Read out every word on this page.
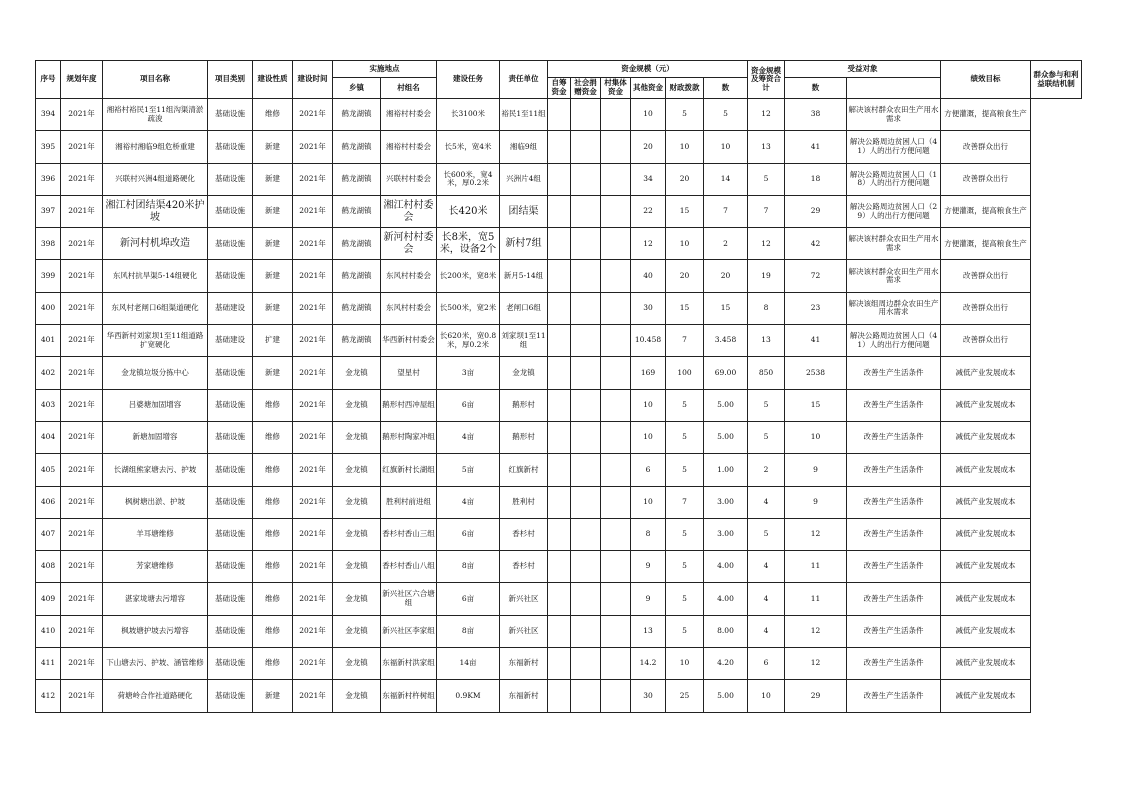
序号	规划年度	项目名称	项目类别	建设性质	建设时间	实施地点		建设任务	责任单位	资金规模（元）						资金规模及筹资合计	受益对象		绩效目标	群众参与和利益联结机制
						乡镇	村组名			自筹资金	社会捐赠资金	村集体资金	其他资金	财政拨款	数		数			
394	2021年	湘裕村裕民1至11组沟渠清淤疏浚	基础设施	维修	2021年	鹤龙湖镇	湘裕村村委会	长3100米	裕民1至11组				10	5	5	12	38	解决该村群众农田生产用水需求	方便灌溉，提高粮食生产	
395	2021年	湘裕村湘临9组危桥重建	基础设施	新建	2021年	鹤龙湖镇	湘裕村村委会	长5米，宽4米	湘临9组				20	10	10	13	41	解决公路周边贫困人口（41）人的出行方便问题	改善群众出行	
396	2021年	兴联村兴洲4组道路硬化	基础设施	新建	2021年	鹤龙湖镇	兴联村村委会	长600米，宽4米，厚0.2米	兴洲片4组				34	20	14	5	18	解决公路周边贫困人口（18）人的出行方便问题	改善群众出行	
397	2021年	湘江村团结渠420米护坡	基础设施	新建	2021年	鹤龙湖镇	湘江村村委会	长420米	团结渠				22	15	7	7	29	解决公路周边贫困人口（29）人的出行方便问题	方便灌溉，提高粮食生产	
398	2021年	新河村机埠改造	基础设施	新建	2021年	鹤龙湖镇	新河村村委会	长8米，宽5米，设备2个	新村7组				12	10	2	12	42	解决该村群众农田生产用水需求	方便灌溉，提高粮食生产	
399	2021年	东风村抗旱渠5-14组硬化	基础设施	新建	2021年	鹤龙湖镇	东风村村委会	长200米，宽8米	新月5-14组				40	20	20	19	72	解决该村群众农田生产用水需求	改善群众出行	
400	2021年	东风村老闸口6组渠道硬化	基础建设	新建	2021年	鹤龙湖镇	东风村村委会	长500米，宽2米	老闸口6组				30	15	15	8	23	解决该组周边群众农田生产用水需求	改善群众出行	
401	2021年	华西新村刘家坝1至11组道路扩宽硬化	基础建设	扩建	2021年	鹤龙湖镇	华西新村村委会	长620米，宽0.8米，厚0.2米	刘家坝1至11组				10.458	7	3.458	13	41	解决公路周边贫困人口（41）人的出行方便问题	改善群众出行	
402	2021年	金龙镇垃圾分拣中心	基础设施	新建	2021年	金龙镇	望星村	3亩	金龙镇				169	100	69.00	850	2538	改善生产生活条件	减低产业发展成本	
403	2021年	吕婆塘加固增容	基础设施	维修	2021年	金龙镇	鹅形村西冲屋组	6亩	鹅形村				10	5	5.00	5	15	改善生产生活条件	减低产业发展成本	
404	2021年	新塘加固增容	基础设施	维修	2021年	金龙镇	鹅形村陶家冲组	4亩	鹅形村				10	5	5.00	5	10	改善生产生活条件	减低产业发展成本	
405	2021年	长湖组熊家塘去污、护坡	基础设施	维修	2021年	金龙镇	红旗新村长湖组	5亩	红旗新村				6	5	1.00	2	9	改善生产生活条件	减低产业发展成本	
406	2021年	枫树塘出淤、护坡	基础设施	维修	2021年	金龙镇	胜利村前进组	4亩	胜利村				10	7	3.00	4	9	改善生产生活条件	减低产业发展成本	
407	2021年	羊耳塘维修	基础设施	维修	2021年	金龙镇	香杉村香山三组	6亩	香杉村				8	5	3.00	5	12	改善生产生活条件	减低产业发展成本	
408	2021年	芳家塘维修	基础设施	维修	2021年	金龙镇	香杉村香山八组	8亩	香杉村				9	5	4.00	4	11	改善生产生活条件	减低产业发展成本	
409	2021年	湛家垅塘去污增容	基础设施	维修	2021年	金龙镇	新兴社区六合塘组	6亩	新兴社区				9	5	4.00	4	11	改善生产生活条件	减低产业发展成本	
410	2021年	枫坡塘护坡去污增容	基础设施	维修	2021年	金龙镇	新兴社区李家组	8亩	新兴社区				13	5	8.00	4	12	改善生产生活条件	减低产业发展成本	
411	2021年	下山塘去污、护坡、涵管维修	基础设施	维修	2021年	金龙镇	东福新村洪家组	14亩	东福新村				14.2	10	4.20	6	12	改善生产生活条件	减低产业发展成本	
412	2021年	荷塘岭合作社道路硬化	基础设施	新建	2021年	金龙镇	东福新村杵树组	0.9KM	东福新村				30	25	5.00	10	29	改善生产生活条件	减低产业发展成本	
